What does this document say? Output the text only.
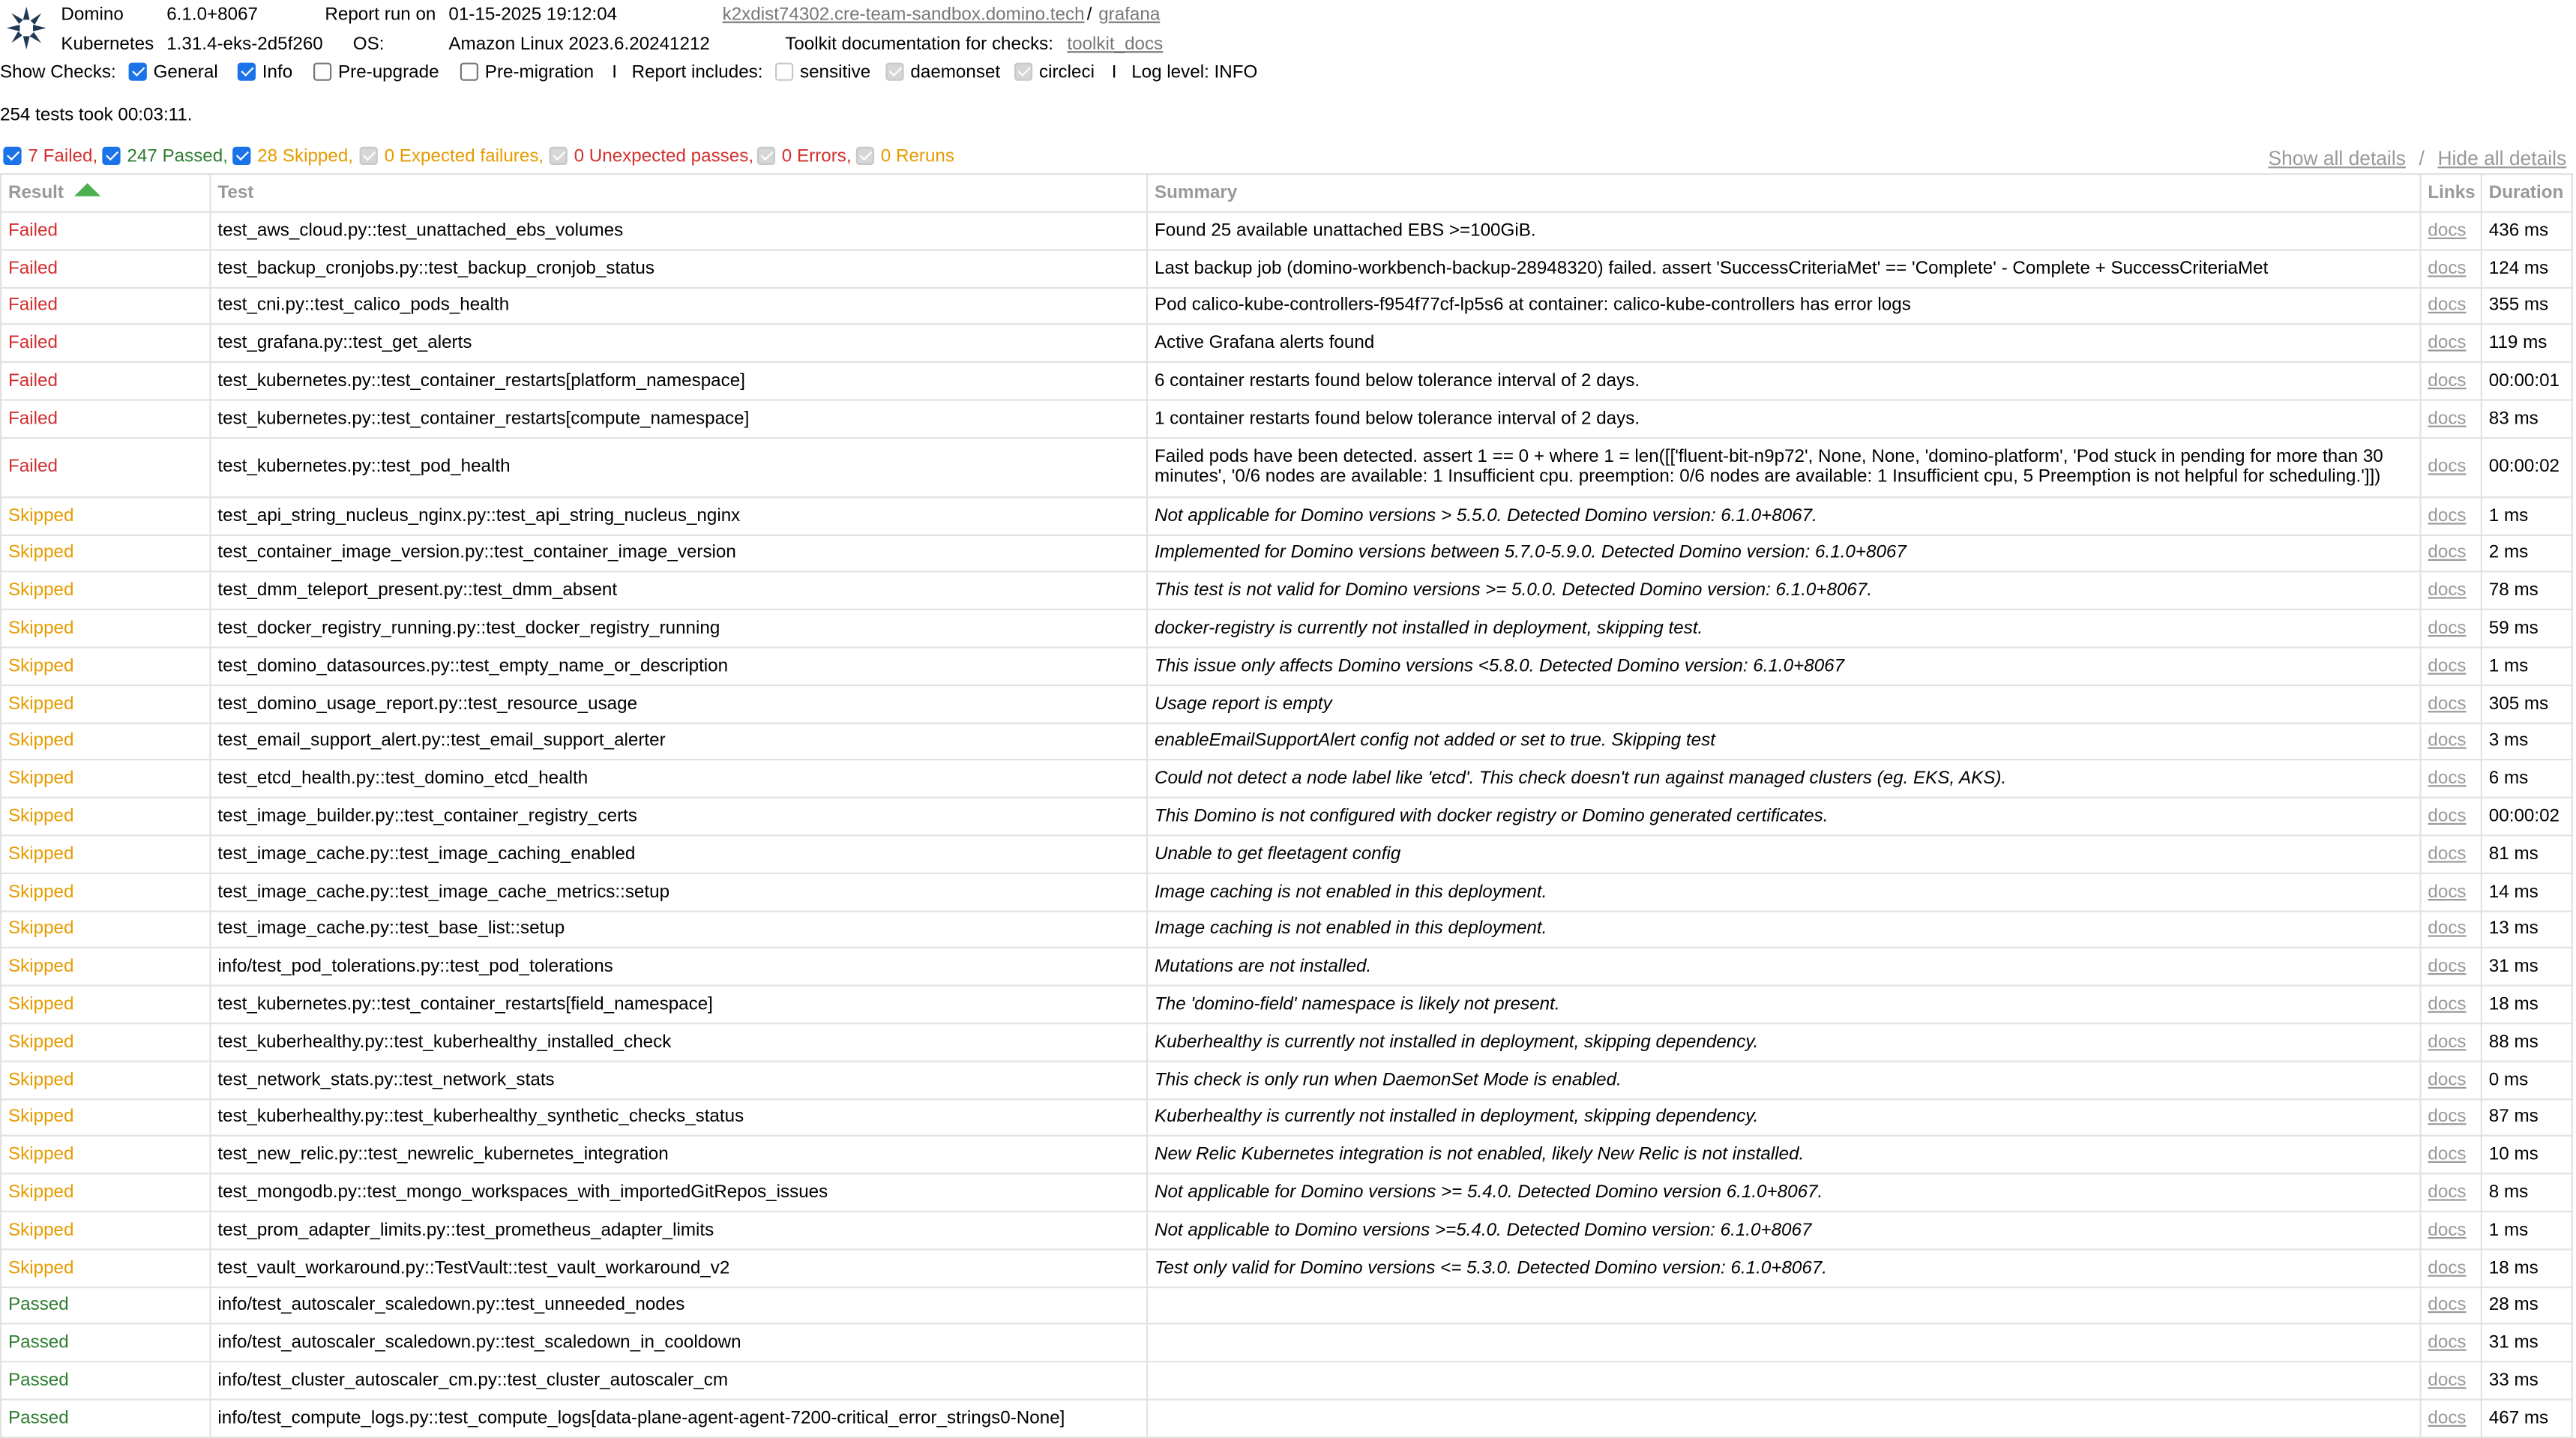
Domino	6.1.0+8067	Report run on 01-15-2025 19:12:04	k2xdist74302.cre-team-sandbox.domino.tech / grafana
Kubernetes 1.31.4-eks-2d5f260	OS:	Amazon Linux 2023.6.20241212	Toolkit documentation for checks: toolkit_docs
Show Checks:	General	Info	Pre-upgrade	Pre-migration I Report includes:	sensitive	daemonset	circleci I Log level: INFO
254 tests took 00:03:11.
7 Failed,	247 Passed,	28 Skipped,	0 Expected failures,	0 Unexpected passes,	0 Errors,	0 Reruns	Show all details / Hide all details
Result	Test	Summary	Links	Duration
Failed	test_aws_cloud.py::test_unattached_ebs_volumes	Found 25 available unattached EBS >=100GiB.	docs	436 ms
Failed	test_backup_cronjobs.py::test_backup_cronjob_status	Last backup job (domino-workbench-backup-28948320) failed. assert 'SuccessCriteriaMet' == 'Complete' - Complete + SuccessCriteriaMet	docs	124 ms
Failed	test_cni.py::test_calico_pods_health	Pod calico-kube-controllers-f954f77cf-lp5s6 at container: calico-kube-controllers has error logs	docs	355 ms
Failed	test_grafana.py::test_get_alerts	Active Grafana alerts found	docs	119 ms
Failed	test_kubernetes.py::test_container_restarts[platform_namespace]	6 container restarts found below tolerance interval of 2 days.	docs	00:00:01
Failed	test_kubernetes.py::test_container_restarts[compute_namespace]	1 container restarts found below tolerance interval of 2 days.	docs	83 ms
Failed	test_kubernetes.py::test_pod_health	Failed pods have been detected. assert 1 == 0 + where 1 = len([['fluent-bit-n9p72', None, None, 'domino-platform', 'Pod stuck in pending for more than 30 minutes', '0/6 nodes are available: 1 Insufficient cpu. preemption: 0/6 nodes are available: 1 Insufficient cpu, 5 Preemption is not helpful for scheduling.']])	docs	00:00:02
Skipped	test_api_string_nucleus_nginx.py::test_api_string_nucleus_nginx	Not applicable for Domino versions > 5.5.0. Detected Domino version: 6.1.0+8067.	docs	1 ms
Skipped	test_container_image_version.py::test_container_image_version	Implemented for Domino versions between 5.7.0-5.9.0. Detected Domino version: 6.1.0+8067	docs	2 ms
Skipped	test_dmm_teleport_present.py::test_dmm_absent	This test is not valid for Domino versions >= 5.0.0. Detected Domino version: 6.1.0+8067.	docs	78 ms
Skipped	test_docker_registry_running.py::test_docker_registry_running	docker-registry is currently not installed in deployment, skipping test.	docs	59 ms
Skipped	test_domino_datasources.py::test_empty_name_or_description	This issue only affects Domino versions <5.8.0. Detected Domino version: 6.1.0+8067	docs	1 ms
Skipped	test_domino_usage_report.py::test_resource_usage	Usage report is empty	docs	305 ms
Skipped	test_email_support_alert.py::test_email_support_alerter	enableEmailSupportAlert config not added or set to true. Skipping test	docs	3 ms
Skipped	test_etcd_health.py::test_domino_etcd_health	Could not detect a node label like 'etcd'. This check doesn't run against managed clusters (eg. EKS, AKS).	docs	6 ms
Skipped	test_image_builder.py::test_container_registry_certs	This Domino is not configured with docker registry or Domino generated certificates.	docs	00:00:02
Skipped	test_image_cache.py::test_image_caching_enabled	Unable to get fleetagent config	docs	81 ms
Skipped	test_image_cache.py::test_image_cache_metrics::setup	Image caching is not enabled in this deployment.	docs	14 ms
Skipped	test_image_cache.py::test_base_list::setup	Image caching is not enabled in this deployment.	docs	13 ms
Skipped	info/test_pod_tolerations.py::test_pod_tolerations	Mutations are not installed.	docs	31 ms
Skipped	test_kubernetes.py::test_container_restarts[field_namespace]	The 'domino-field' namespace is likely not present.	docs	18 ms
Skipped	test_kuberhealthy.py::test_kuberhealthy_installed_check	Kuberhealthy is currently not installed in deployment, skipping dependency.	docs	88 ms
Skipped	test_network_stats.py::test_network_stats	This check is only run when DaemonSet Mode is enabled.	docs	0 ms
Skipped	test_kuberhealthy.py::test_kuberhealthy_synthetic_checks_status	Kuberhealthy is currently not installed in deployment, skipping dependency.	docs	87 ms
Skipped	test_new_relic.py::test_newrelic_kubernetes_integration	New Relic Kubernetes integration is not enabled, likely New Relic is not installed.	docs	10 ms
Skipped	test_mongodb.py::test_mongo_workspaces_with_importedGitRepos_issues	Not applicable for Domino versions >= 5.4.0. Detected Domino version 6.1.0+8067.	docs	8 ms
Skipped	test_prom_adapter_limits.py::test_prometheus_adapter_limits	Not applicable to Domino versions >=5.4.0. Detected Domino version: 6.1.0+8067	docs	1 ms
Skipped	test_vault_workaround.py::TestVault::test_vault_workaround_v2	Test only valid for Domino versions <= 5.3.0. Detected Domino version: 6.1.0+8067.	docs	18 ms
Passed	info/test_autoscaler_scaledown.py::test_unneeded_nodes		docs	28 ms
Passed	info/test_autoscaler_scaledown.py::test_scaledown_in_cooldown		docs	31 ms
Passed	info/test_cluster_autoscaler_cm.py::test_cluster_autoscaler_cm		docs	33 ms
Passed	info/test_compute_logs.py::test_compute_logs[data-plane-agent-agent-7200-critical_error_strings0-None]		docs	467 ms
